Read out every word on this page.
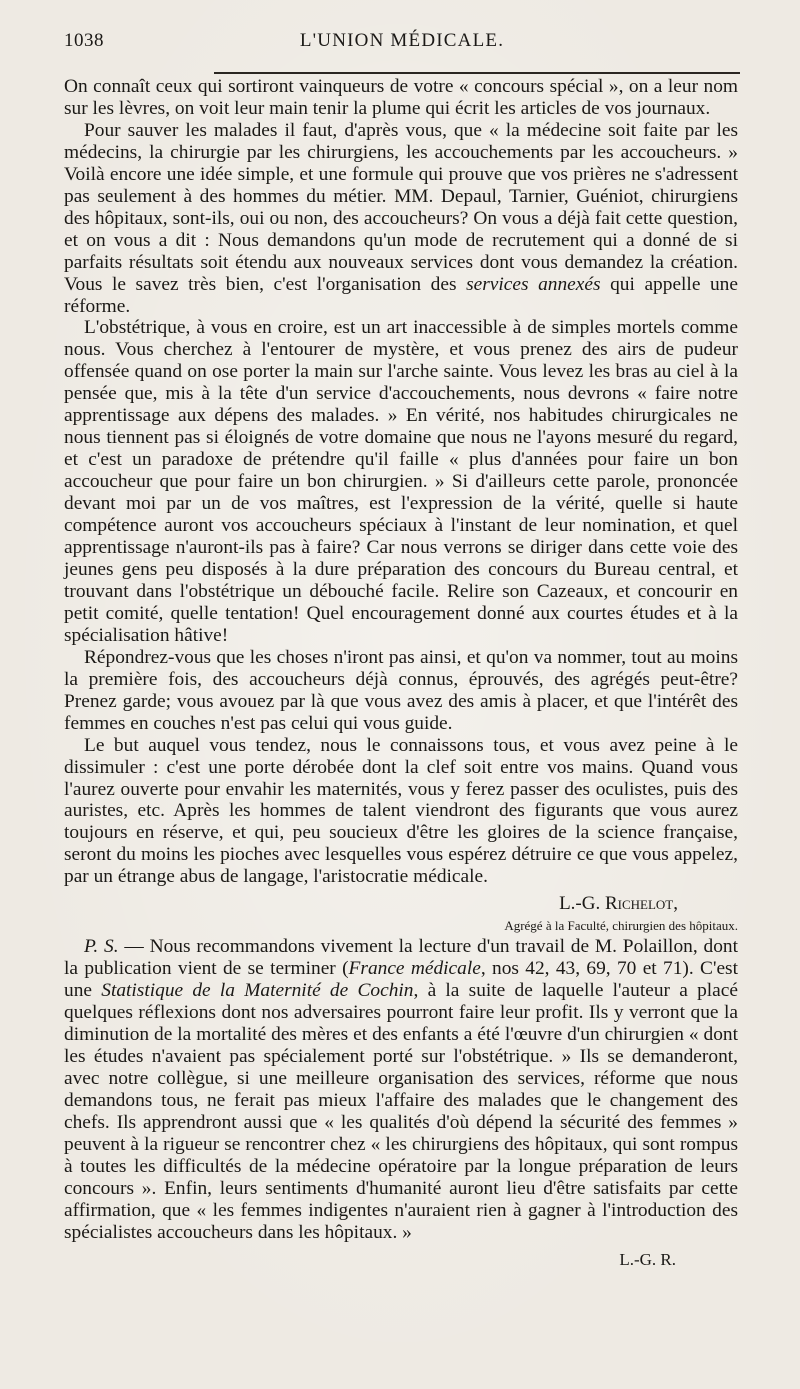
1038	L'UNION MÉDICALE.

On connaît ceux qui sortiront vainqueurs de votre « concours spécial », on a leur nom sur les lèvres, on voit leur main tenir la plume qui écrit les articles de vos journaux.

Pour sauver les malades il faut, d'après vous, que « la médecine soit faite par les médecins, la chirurgie par les chirurgiens, les accouchements par les accoucheurs. » Voilà encore une idée simple, et une formule qui prouve que vos prières ne s'adressent pas seulement à des hommes du métier. MM. Depaul, Tarnier, Guéniot, chirurgiens des hôpitaux, sont-ils, oui ou non, des accoucheurs? On vous a déjà fait cette question, et on vous a dit : Nous demandons qu'un mode de recrutement qui a donné de si parfaits résultats soit étendu aux nouveaux services dont vous demandez la création. Vous le savez très bien, c'est l'organisation des services annexés qui appelle une réforme.

L'obstétrique, à vous en croire, est un art inaccessible à de simples mortels comme nous. Vous cherchez à l'entourer de mystère, et vous prenez des airs de pudeur offensée quand on ose porter la main sur l'arche sainte. Vous levez les bras au ciel à la pensée que, mis à la tête d'un service d'accouchements, nous devrons « faire notre apprentissage aux dépens des malades. » En vérité, nos habitudes chirurgicales ne nous tiennent pas si éloignés de votre domaine que nous ne l'ayons mesuré du regard, et c'est un paradoxe de prétendre qu'il faille « plus d'années pour faire un bon accoucheur que pour faire un bon chirurgien. » Si d'ailleurs cette parole, prononcée devant moi par un de vos maîtres, est l'expression de la vérité, quelle si haute compétence auront vos accoucheurs spéciaux à l'instant de leur nomination, et quel apprentissage n'auront-ils pas à faire? Car nous verrons se diriger dans cette voie des jeunes gens peu disposés à la dure préparation des concours du Bureau central, et trouvant dans l'obstétrique un débouché facile. Relire son Cazeaux, et concourir en petit comité, quelle tentation! Quel encouragement donné aux courtes études et à la spécialisation hâtive!

Répondrez-vous que les choses n'iront pas ainsi, et qu'on va nommer, tout au moins la première fois, des accoucheurs déjà connus, éprouvés, des agrégés peut-être? Prenez garde; vous avouez par là que vous avez des amis à placer, et que l'intérêt des femmes en couches n'est pas celui qui vous guide.

Le but auquel vous tendez, nous le connaissons tous, et vous avez peine à le dissimuler : c'est une porte dérobée dont la clef soit entre vos mains. Quand vous l'aurez ouverte pour envahir les maternités, vous y ferez passer des oculistes, puis des auristes, etc. Après les hommes de talent viendront des figurants que vous aurez toujours en réserve, et qui, peu soucieux d'être les gloires de la science française, seront du moins les pioches avec lesquelles vous espérez détruire ce que vous appelez, par un étrange abus de langage, l'aristocratie médicale.

L.-G. Richelot,
Agrégé à la Faculté, chirurgien des hôpitaux.

P. S. — Nous recommandons vivement la lecture d'un travail de M. Polaillon, dont la publication vient de se terminer (France médicale, nos 42, 43, 69, 70 et 71). C'est une Statistique de la Maternité de Cochin, à la suite de laquelle l'auteur a placé quelques réflexions dont nos adversaires pourront faire leur profit. Ils y verront que la diminution de la mortalité des mères et des enfants a été l'œuvre d'un chirurgien « dont les études n'avaient pas spécialement porté sur l'obstétrique. » Ils se demanderont, avec notre collègue, si une meilleure organisation des services, réforme que nous demandons tous, ne ferait pas mieux l'affaire des malades que le changement des chefs. Ils apprendront aussi que « les qualités d'où dépend la sécurité des femmes » peuvent à la rigueur se rencontrer chez « les chirurgiens des hôpitaux, qui sont rompus à toutes les difficultés de la médecine opératoire par la longue préparation de leurs concours ». Enfin, leurs sentiments d'humanité auront lieu d'être satisfaits par cette affirmation, que « les femmes indigentes n'auraient rien à gagner à l'introduction des spécialistes accoucheurs dans les hôpitaux. »

L.-G. R.
